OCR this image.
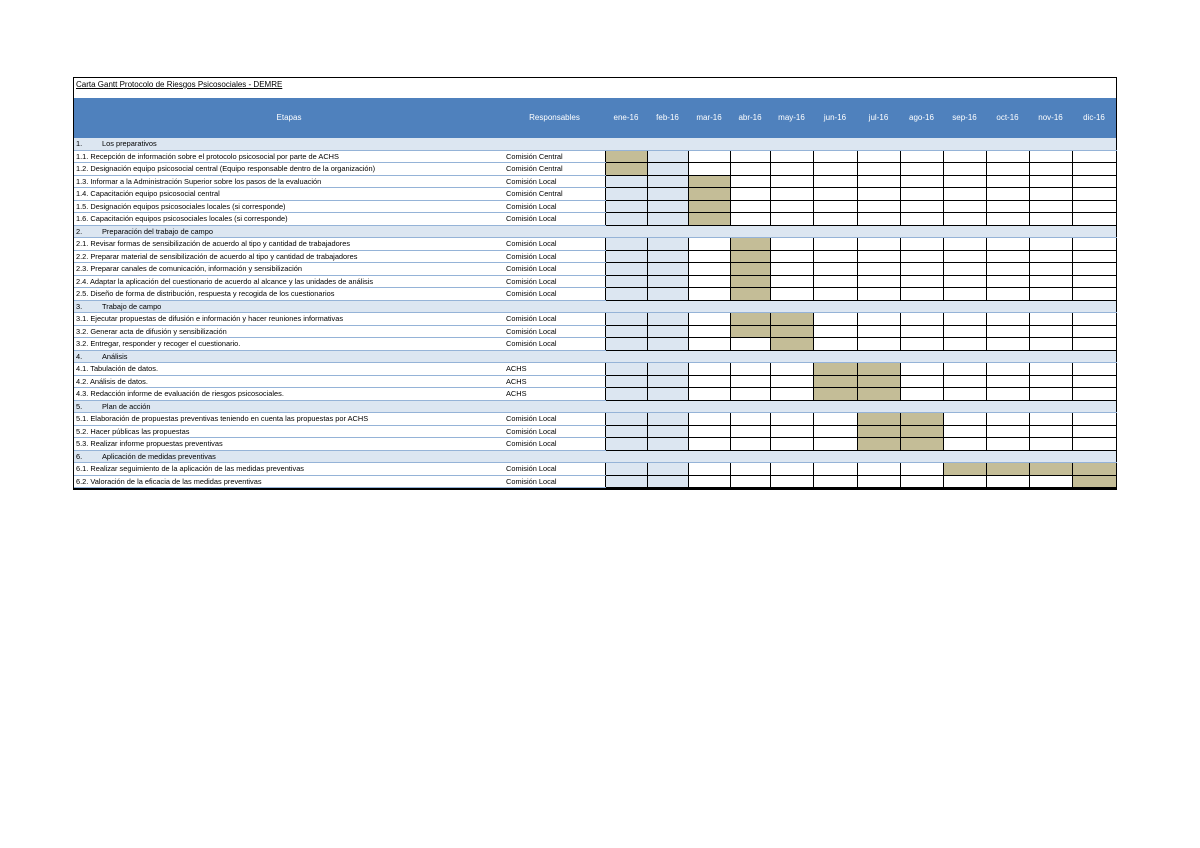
Carta Gantt Protocolo de Riesgos Psicosociales - DEMRE
Etapas	Responsables	ene-16	feb-16	mar-16	abr-16	may-16	jun-16	jul-16	ago-16	sep-16	oct-16	nov-16	dic-16
1. Los preparativos													
1.1. Recepción de información sobre el protocolo psicosocial por parte de ACHS	Comisión Central												
1.2. Designación equipo psicosocial central (Equipo responsable dentro de la organización)	Comisión Central												
1.3. Informar a la Administración Superior sobre los pasos de la evaluación	Comisión Local												
1.4. Capacitación equipo psicosocial central	Comisión Central												
1.5. Designación equipos psicosociales locales (si corresponde)	Comisión Local												
1.6. Capacitación equipos psicosociales locales (si corresponde)	Comisión Local												
2. Preparación del trabajo de campo													
2.1. Revisar formas de sensibilización de acuerdo al tipo y cantidad de trabajadores	Comisión Local												
2.2. Preparar material de sensibilización de acuerdo al tipo y cantidad de trabajadores	Comisión Local												
2.3. Preparar canales de comunicación, información y sensibilización	Comisión Local												
2.4. Adaptar la aplicación del cuestionario de acuerdo al alcance y las unidades de análisis	Comisión Local												
2.5. Diseño de forma de distribución, respuesta y recogida de los cuestionarios	Comisión Local												
3. Trabajo de campo													
3.1. Ejecutar propuestas de difusión e información y hacer reuniones informativas	Comisión Local												
3.2. Generar acta de difusión y sensibilización	Comisión Local												
3.2. Entregar, responder y recoger el cuestionario.	Comisión Local												
4. Análisis													
4.1. Tabulación de datos.	ACHS												
4.2. Análisis de datos.	ACHS												
4.3. Redacción informe de evaluación de riesgos psicosociales.	ACHS												
5. Plan de acción													
5.1. Elaboración de propuestas preventivas teniendo en cuenta las propuestas por ACHS	Comisión Local												
5.2. Hacer públicas las propuestas	Comisión Local												
5.3. Realizar informe propuestas preventivas	Comisión Local												
6. Aplicación de medidas preventivas													
6.1. Realizar seguimiento de la aplicación de las medidas preventivas	Comisión Local												
6.2. Valoración de la eficacia de las medidas preventivas	Comisión Local												
